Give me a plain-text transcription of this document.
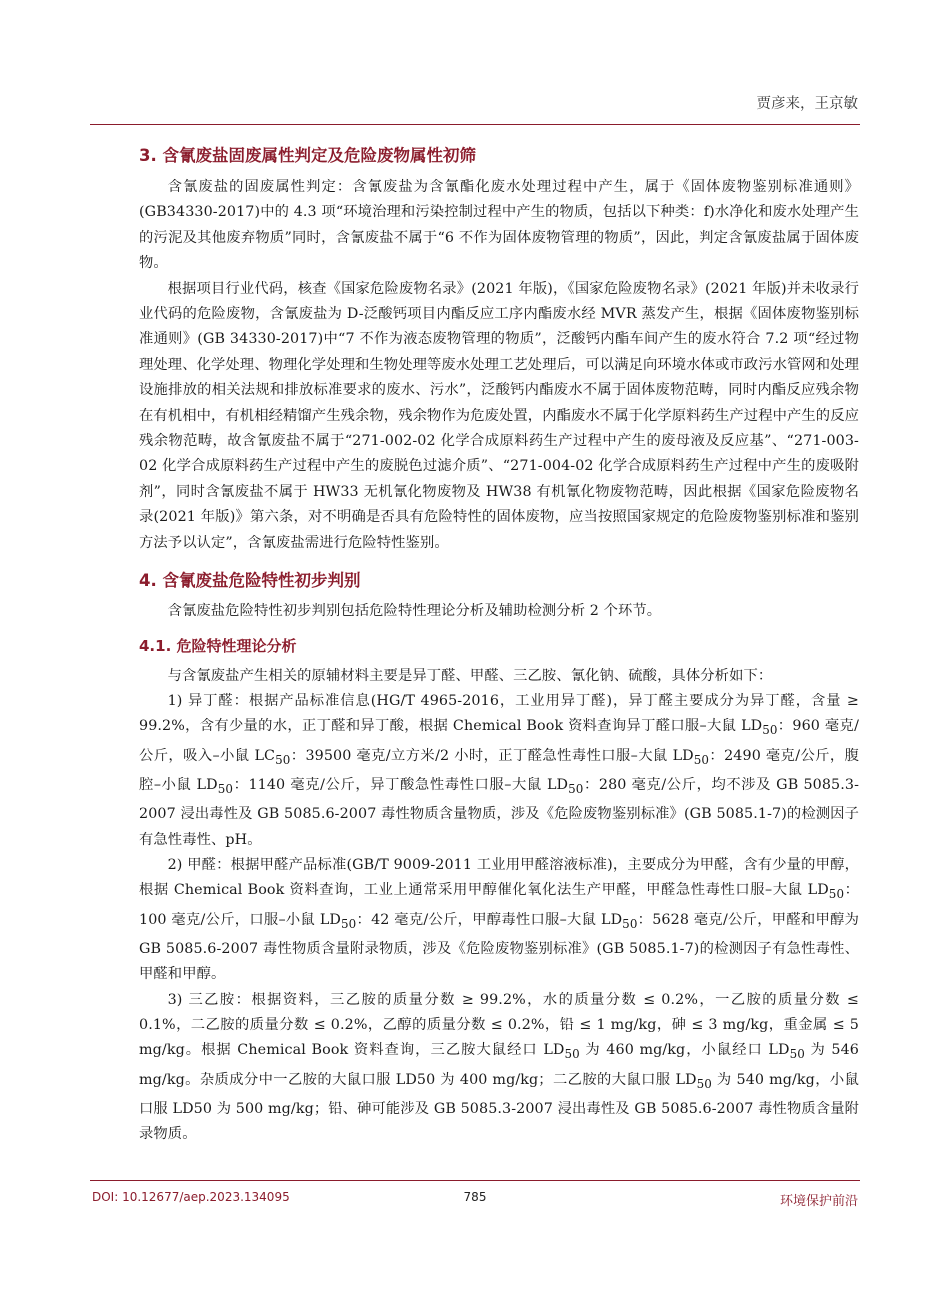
贾彦来，王京敏
3. 含氰废盐固废属性判定及危险废物属性初筛

含氰废盐的固废属性判定：含氰废盐为含氰酯化废水处理过程中产生，属于《固体废物鉴别标准通则》(GB34330-2017)中的 4.3 项“环境治理和污染控制过程中产生的物质，包括以下种类：f)水净化和废水处理产生的污泥及其他废弃物质”同时，含氰废盐不属于“6 不作为固体废物管理的物质”，因此，判定含氰废盐属于固体废物。

根据项目行业代码，核查《国家危险废物名录》(2021 年版)，《国家危险废物名录》(2021 年版)并未收录行业代码的危险废物，含氰废盐为 D-泛酸钙项目内酯反应工序内酯废水经 MVR 蒸发产生，根据《固体废物鉴别标准通则》(GB 34330-2017)中“7 不作为液态废物管理的物质”，泛酸钙内酯车间产生的废水符合 7.2 项“经过物理处理、化学处理、物理化学处理和生物处理等废水处理工艺处理后，可以满足向环境水体或市政污水管网和处理设施排放的相关法规和排放标准要求的废水、污水”，泛酸钙内酯废水不属于固体废物范畴，同时内酯反应残余物在有机相中，有机相经精馏产生残余物，残余物作为危废处置，内酯废水不属于化学原料药生产过程中产生的反应残余物范畴，故含氰废盐不属于“271-002-02 化学合成原料药生产过程中产生的废母液及反应基”、“271-003-02 化学合成原料药生产过程中产生的废脱色过滤介质”、“271-004-02 化学合成原料药生产过程中产生的废吸附剂”，同时含氰废盐不属于 HW33 无机氰化物废物及 HW38 有机氰化物废物范畴，因此根据《国家危险废物名录(2021 年版)》第六条，对不明确是否具有危险特性的固体废物，应当按照国家规定的危险废物鉴别标准和鉴别方法予以认定”，含氰废盐需进行危险特性鉴别。

4. 含氰废盐危险特性初步判别

含氰废盐危险特性初步判别包括危险特性理论分析及辅助检测分析 2 个环节。

4.1. 危险特性理论分析

与含氰废盐产生相关的原辅材料主要是异丁醛、甲醛、三乙胺、氰化钠、硫酸，具体分析如下：

1) 异丁醛：根据产品标准信息(HG/T 4965-2016，工业用异丁醛)，异丁醛主要成分为异丁醛，含量 ≥ 99.2%，含有少量的水，正丁醛和异丁酸，根据 Chemical Book 资料查询异丁醛口服–大鼠 $LD_{50}$：960 毫克/公斤，吸入–小鼠 $LC_{50}$：39500 毫克/立方米/2 小时，正丁醛急性毒性口服–大鼠 $LD_{50}$：2490 毫克/公斤，腹腔–小鼠 $LD_{50}$：1140 毫克/公斤，异丁酸急性毒性口服–大鼠 $LD_{50}$：280 毫克/公斤，均不涉及 GB 5085.3-2007 浸出毒性及 GB 5085.6-2007 毒性物质含量物质，涉及《危险废物鉴别标准》(GB 5085.1-7)的检测因子有急性毒性、pH。

2) 甲醛：根据甲醛产品标准(GB/T 9009-2011 工业用甲醛溶液标准)，主要成分为甲醛，含有少量的甲醇，根据 Chemical Book 资料查询，工业上通常采用甲醇催化氧化法生产甲醛，甲醛急性毒性口服–大鼠 $LD_{50}$：100 毫克/公斤，口服–小鼠 $LD_{50}$：42 毫克/公斤，甲醇毒性口服–大鼠 $LD_{50}$：5628 毫克/公斤，甲醛和甲醇为 GB 5085.6-2007 毒性物质含量附录物质，涉及《危险废物鉴别标准》(GB 5085.1-7)的检测因子有急性毒性、甲醛和甲醇。

3) 三乙胺：根据资料，三乙胺的质量分数 ≥ 99.2%，水的质量分数 ≤ 0.2%，一乙胺的质量分数 ≤ 0.1%，二乙胺的质量分数 ≤ 0.2%，乙醇的质量分数 ≤ 0.2%，铅 ≤ 1 mg/kg，砷 ≤ 3 mg/kg，重金属 ≤ 5 mg/kg。根据 Chemical Book 资料查询，三乙胺大鼠经口 $LD_{50}$ 为 460 mg/kg，小鼠经口 $LD_{50}$ 为 546 mg/kg。杂质成分中一乙胺的大鼠口服 LD50 为 400 mg/kg；二乙胺的大鼠口服 $LD_{50}$ 为 540 mg/kg，小鼠口服 LD50 为 500 mg/kg；铅、砷可能涉及 GB 5085.3-2007 浸出毒性及 GB 5085.6-2007 毒性物质含量附录物质。

DOI: 10.12677/aep.2023.134095	785	环境保护前沿
